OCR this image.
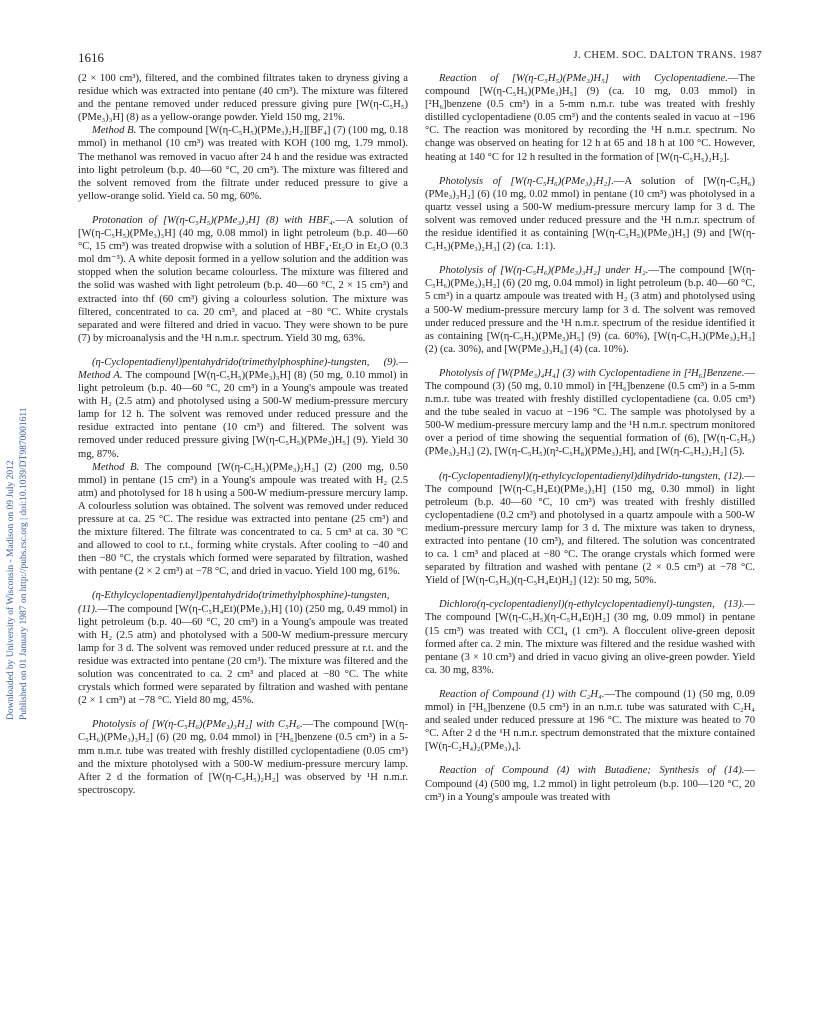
1616	J. CHEM. SOC. DALTON TRANS. 1987
Downloaded by University of Wisconsin - Madison on 09 July 2012 Published on 01 January 1987 on http://pubs.rsc.org | doi:10.1039/DT9870001611

(2 × 100 cm³), filtered, and the combined filtrates taken to dryness giving a residue which was extracted into pentane (40 cm³). The mixture was filtered and the pentane removed under reduced pressure giving pure [W(η-C₅H₅)(PMe₃)₃H] (8) as a yellow-orange powder. Yield 150 mg, 21%.

Method B. The compound [W(η-C₅H₅)(PMe₃)₂H₂][BF₄] (7) (100 mg, 0.18 mmol) in methanol (10 cm³) was treated with KOH (100 mg, 1.79 mmol). The methanol was removed in vacuo after 24 h and the residue was extracted into light petroleum (b.p. 40—60 °C, 20 cm³). The mixture was filtered and the solvent removed from the filtrate under reduced pressure to give a yellow-orange solid. Yield ca. 50 mg, 60%.

Protonation of [W(η-C₅H₅)(PMe₃)₃H] (8) with HBF₄.—A solution of [W(η-C₅H₅)(PMe₃)₃H] (40 mg, 0.08 mmol) in light petroleum (b.p. 40—60 °C, 15 cm³) was treated dropwise with a solution of HBF₄·Et₂O in Et₂O (0.3 mol dm⁻³). A white deposit formed in a yellow solution and the addition was stopped when the solution became colourless. The mixture was filtered and the solid was washed with light petroleum (b.p. 40—60 °C, 2 × 15 cm³) and extracted into thf (60 cm³) giving a colourless solution. The mixture was filtered, concentrated to ca. 20 cm³, and placed at −80 °C. White crystals separated and were filtered and dried in vacuo. They were shown to be pure (7) by microanalysis and the ¹H n.m.r. spectrum. Yield 30 mg, 63%.

(η-Cyclopentadienyl)pentahydrido(trimethylphosphine)-tungsten, (9).—Method A. The compound [W(η-C₅H₅)(PMe₃)₃H] (8) (50 mg, 0.10 mmol) in light petroleum (b.p. 40—60 °C, 20 cm³) in a Young's ampoule was treated with H₂ (2.5 atm) and photolysed using a 500-W medium-pressure mercury lamp for 12 h. The solvent was removed under reduced pressure and the residue extracted into pentane (10 cm³) and filtered. The solvent was removed under reduced pressure giving [W(η-C₅H₅)(PMe₃)H₅] (9). Yield 30 mg, 87%.

Method B. The compound [W(η-C₅H₅)(PMe₃)₂H₃] (2) (200 mg, 0.50 mmol) in pentane (15 cm³) in a Young's ampoule was treated with H₂ (2.5 atm) and photolysed for 18 h using a 500-W medium-pressure mercury lamp. A colourless solution was obtained. The solvent was removed under reduced pressure at ca. 25 °C. The residue was extracted into pentane (25 cm³) and the mixture filtered. The filtrate was concentrated to ca. 5 cm³ at ca. 30 °C and allowed to cool to r.t., forming white crystals. After cooling to −40 and then −80 °C, the crystals which formed were separated by filtration, washed with pentane (2 × 2 cm³) at −78 °C, and dried in vacuo. Yield 100 mg, 61%.

(η-Ethylcyclopentadienyl)pentahydrido(trimethylphosphine)-tungsten, (11).—The compound [W(η-C₅H₄Et)(PMe₃)₃H] (10) (250 mg, 0.49 mmol) in light petroleum (b.p. 40—60 °C, 20 cm³) in a Young's ampoule was treated with H₂ (2.5 atm) and photolysed with a 500-W medium-pressure mercury lamp for 3 d. The solvent was removed under reduced pressure at r.t. and the residue was extracted into pentane (20 cm³). The mixture was filtered and the solution was concentrated to ca. 2 cm³ and placed at −80 °C. The white crystals which formed were separated by filtration and washed with pentane (2 × 1 cm³) at −78 °C. Yield 80 mg, 45%.

Photolysis of [W(η-C₅H₆)(PMe₃)₃H₂] with C₅H₆.—The compound [W(η-C₅H₆)(PMe₃)₃H₂] (6) (20 mg, 0.04 mmol) in [²H₆]benzene (0.5 cm³) in a 5-mm n.m.r. tube was treated with freshly distilled cyclopentadiene (0.05 cm³) and the mixture photolysed with a 500-W medium-pressure mercury lamp. After 2 d the formation of [W(η-C₅H₅)₂H₂] was observed by ¹H n.m.r. spectroscopy.

Reaction of [W(η-C₅H₅)(PMe₃)H₅] with Cyclopentadiene.—The compound [W(η-C₅H₅)(PMe₃)H₅] (9) (ca. 10 mg, 0.03 mmol) in [²H₆]benzene (0.5 cm³) in a 5-mm n.m.r. tube was treated with freshly distilled cyclopentadiene (0.05 cm³) and the contents sealed in vacuo at −196 °C. The reaction was monitored by recording the ¹H n.m.r. spectrum. No change was observed on heating for 12 h at 65 and 18 h at 100 °C. However, heating at 140 °C for 12 h resulted in the formation of [W(η-C₅H₅)₂H₂].

Photolysis of [W(η-C₅H₆)(PMe₃)₃H₂].—A solution of [W(η-C₅H₆)(PMe₃)₃H₂] (6) (10 mg, 0.02 mmol) in pentane (10 cm³) was photolysed in a quartz vessel using a 500-W medium-pressure mercury lamp for 3 d. The solvent was removed under reduced pressure and the ¹H n.m.r. spectrum of the residue identified it as containing [W(η-C₅H₅)(PMe₃)H₅] (9) and [W(η-C₅H₅)(PMe₃)₂H₃] (2) (ca. 1:1).

Photolysis of [W(η-C₅H₆)(PMe₃)₃H₂] under H₂.—The compound [W(η-C₅H₆)(PMe₃)₃H₂] (6) (20 mg, 0.04 mmol) in light petroleum (b.p. 40—60 °C, 5 cm³) in a quartz ampoule was treated with H₂ (3 atm) and photolysed using a 500-W medium-pressure mercury lamp for 3 d. The solvent was removed under reduced pressure and the ¹H n.m.r. spectrum of the residue identified it as containing [W(η-C₅H₅)(PMe₃)H₅] (9) (ca. 60%), [W(η-C₅H₅)(PMe₃)₂H₃] (2) (ca. 30%), and [W(PMe₃)₃H₆] (4) (ca. 10%).

Photolysis of [W(PMe₃)₄H₄] (3) with Cyclopentadiene in [²H₆]Benzene.—The compound (3) (50 mg, 0.10 mmol) in [²H₆]benzene (0.5 cm³) in a 5-mm n.m.r. tube was treated with freshly distilled cyclopentadiene (ca. 0.05 cm³) and the tube sealed in vacuo at −196 °C. The sample was photolysed by a 500-W medium-pressure mercury lamp and the ¹H n.m.r. spectrum monitored over a period of time showing the sequential formation of (6), [W(η-C₅H₅)(PMe₃)₂H₃] (2), [W(η-C₅H₅)(η²-C₅H₈)(PMe₃)₂H], and [W(η-C₅H₅)₂H₂] (5).

(η-Cyclopentadienyl)(η-ethylcyclopentadienyl)dihydrido-tungsten, (12).—The compound [W(η-C₅H₄Et)(PMe₃)₃H] (150 mg, 0.30 mmol) in light petroleum (b.p. 40—60 °C, 10 cm³) was treated with freshly distilled cyclopentadiene (0.2 cm³) and photolysed in a quartz ampoule with a 500-W medium-pressure mercury lamp for 3 d. The mixture was taken to dryness, extracted into pentane (10 cm³), and filtered. The solution was concentrated to ca. 1 cm³ and placed at −80 °C. The orange crystals which formed were separated by filtration and washed with pentane (2 × 0.5 cm³) at −78 °C. Yield of [W(η-C₅H₅)(η-C₅H₄Et)H₂] (12): 50 mg, 50%.

Dichloro(η-cyclopentadienyl)(η-ethylcyclopentadienyl)-tungsten, (13).—The compound [W(η-C₅H₅)(η-C₅H₄Et)H₂] (30 mg, 0.09 mmol) in pentane (15 cm³) was treated with CCl₄ (1 cm³). A flocculent olive-green deposit formed after ca. 2 min. The mixture was filtered and the residue washed with pentane (3 × 10 cm³) and dried in vacuo giving an olive-green powder. Yield ca. 30 mg, 83%.

Reaction of Compound (1) with C₂H₄.—The compound (1) (50 mg, 0.09 mmol) in [²H₆]benzene (0.5 cm³) in an n.m.r. tube was saturated with C₂H₄ and sealed under reduced pressure at 196 °C. The mixture was heated to 70 °C. After 2 d the ¹H n.m.r. spectrum demonstrated that the mixture contained [W(η-C₂H₄)₂(PMe₃)₄].

Reaction of Compound (4) with Butadiene; Synthesis of (14).—Compound (4) (500 mg, 1.2 mmol) in light petroleum (b.p. 100—120 °C, 20 cm³) in a Young's ampoule was treated with
